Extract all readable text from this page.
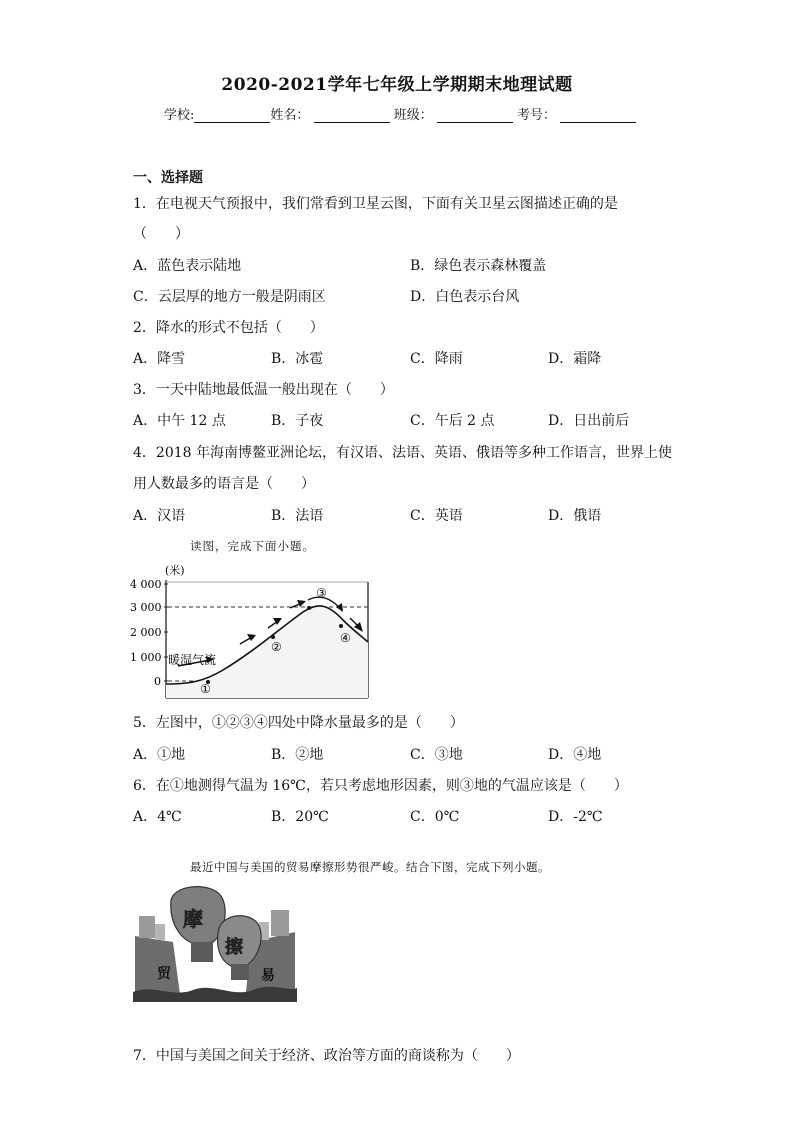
2020-2021学年七年级上学期期末地理试题
学校:	姓名：	班级：	考号：
一、选择题
1．在电视天气预报中，我们常看到卫星云图，下面有关卫星云图描述正确的是
（　　）
A．蓝色表示陆地	B．绿色表示森林覆盖
C．云层厚的地方一般是阴雨区	D．白色表示台风
2．降水的形式不包括（　　）
A．降雪	B．冰雹	C．降雨	D．霜降
3．一天中陆地最低温一般出现在（　　）
A．中午 12 点	B．子夜	C．午后 2 点	D．日出前后
4．2018 年海南博鳌亚洲论坛，有汉语、法语、英语、俄语等多种工作语言，世界上使
用人数最多的语言是（　　）
A．汉语	B．法语	C．英语	D．俄语
读图，完成下面小题。
(米)
4 000
3 000
2 000
1 000
0
①
②
③
④
暖湿气流
5．左图中，①②③④四处中降水量最多的是（　　）
A．①地	B．②地	C．③地	D．④地
6．在①地测得气温为 16℃，若只考虑地形因素，则③地的气温应该是（　　）
A．4℃	B．20℃	C．0℃	D．-2℃
最近中国与美国的贸易摩擦形势很严峻。结合下图，完成下列小题。
摩
擦
贸	易
7．中国与美国之间关于经济、政治等方面的商谈称为（　　）
